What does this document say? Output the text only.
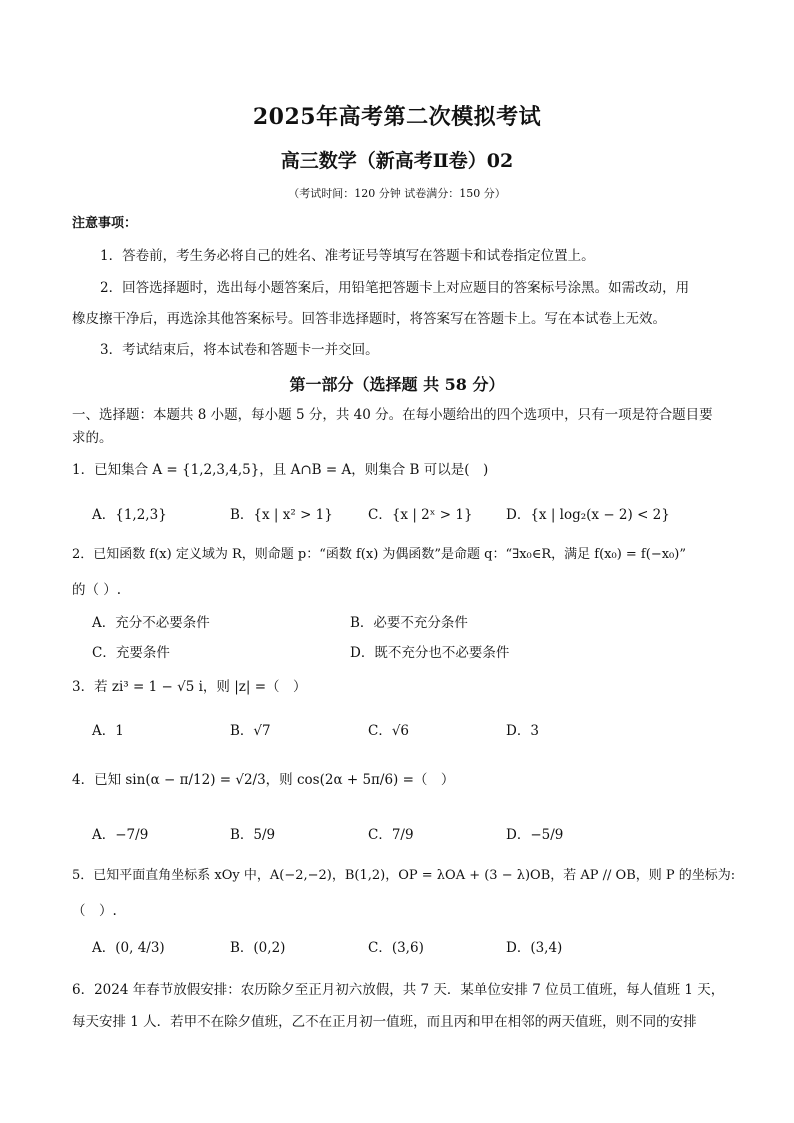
2025年高考第二次模拟考试
高三数学（新高考Ⅱ卷）02
（考试时间：120 分钟 试卷满分：150 分）
注意事项：
1．答卷前，考生务必将自己的姓名、准考证号等填写在答题卡和试卷指定位置上。
2．回答选择题时，选出每小题答案后，用铅笔把答题卡上对应题目的答案标号涂黑。如需改动，用
橡皮擦干净后，再选涂其他答案标号。回答非选择题时，将答案写在答题卡上。写在本试卷上无效。
3．考试结束后，将本试卷和答题卡一并交回。
第一部分（选择题 共 58 分）
一、选择题：本题共 8 小题，每小题 5 分，共 40 分。在每小题给出的四个选项中，只有一项是符合题目要
求的。
1．已知集合 A = {1,2,3,4,5}，且 A∩B = A，则集合 B 可以是(　)
A．{1,2,3}	B．{x | x² > 1}	C．{x | 2ˣ > 1}	D．{x | log₂(x − 2) < 2}
2．已知函数 f(x) 定义域为 R，则命题 p：“函数 f(x) 为偶函数”是命题 q：“∃x₀∈R，满足 f(x₀) = f(−x₀)”
的（ ）.
A．充分不必要条件	B．必要不充分条件
C．充要条件	D．既不充分也不必要条件
3．若 zi³ = 1 − √5 i，则 |z| =（　）
A．1	B．√7	C．√6	D．3
4．已知 sin(α − π/12) = √2/3，则 cos(2α + 5π/6) =（　）
A．−7/9	B．5/9	C．7/9	D．−5/9
5．已知平面直角坐标系 xOy 中，A(−2,−2)，B(1,2)，OP = λOA + (3 − λ)OB，若 AP // OB，则 P 的坐标为:
（　）.
A．(0, 4/3)	B．(0,2)	C．(3,6)	D．(3,4)
6．2024 年春节放假安排：农历除夕至正月初六放假，共 7 天．某单位安排 7 位员工值班，每人值班 1 天，
每天安排 1 人．若甲不在除夕值班，乙不在正月初一值班，而且丙和甲在相邻的两天值班，则不同的安排
